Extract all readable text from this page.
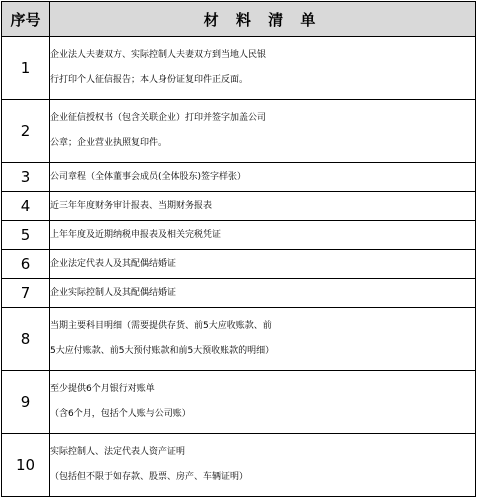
序号	材 料 清 单
1	企业法人夫妻双方、实际控制人夫妻双方到当地人民银
行打印个人征信报告；本人身份证复印件正反面。

2	企业征信授权书（包含关联企业）打印并签字加盖公司
公章；企业营业执照复印件。

3	公司章程（全体董事会成员(全体股东)签字样张）

4	近三年年度财务审计报表、当期财务报表

5	上年年度及近期纳税申报表及相关完税凭证

6	企业法定代表人及其配偶结婚证

7	企业实际控制人及其配偶结婚证

8	当期主要科目明细（需要提供存货、前5大应收账款、前
5大应付账款、前5大预付账款和前5大预收账款的明细）

9	至少提供6个月银行对账单
（含6个月，包括个人账与公司账）

10	实际控制人、法定代表人资产证明
（包括但不限于如存款、股票、房产、车辆证明）
